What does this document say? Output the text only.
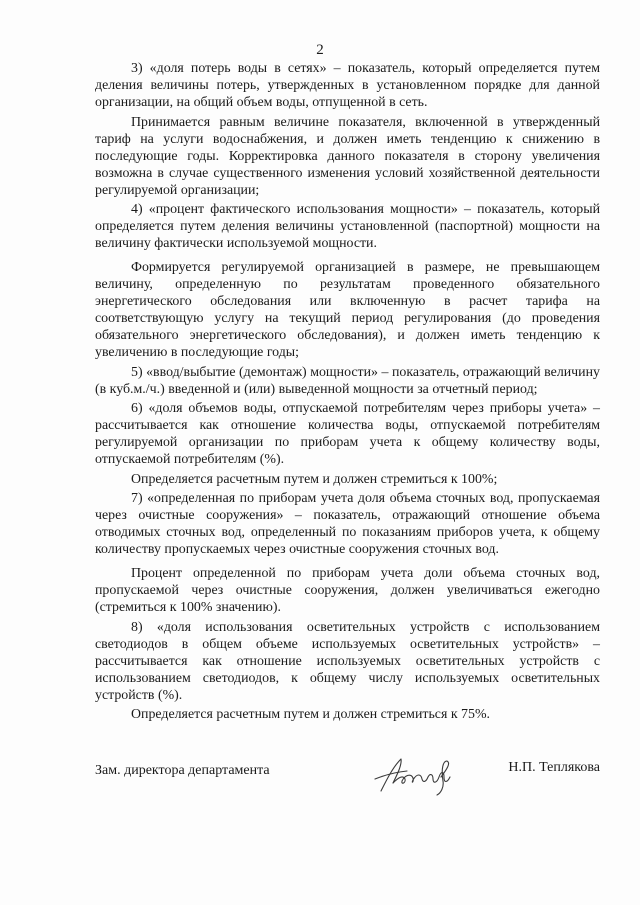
2

3) «доля потерь воды в сетях» – показатель, который определяется путем деления величины потерь, утвержденных в установленном порядке для данной организации, на общий объем воды, отпущенной в сеть.

Принимается равным величине показателя, включенной в утвержденный тариф на услуги водоснабжения, и должен иметь тенденцию к снижению в последующие годы. Корректировка данного показателя в сторону увеличения возможна в случае существенного изменения условий хозяйственной деятельности регулируемой организации;

4) «процент фактического использования мощности» – показатель, который определяется путем деления величины установленной (паспортной) мощности на величину фактически используемой мощности.

Формируется регулируемой организацией в размере, не превышающем величину, определенную по результатам проведенного обязательного энергетического обследования или включенную в расчет тарифа на соответствующую услугу на текущий период регулирования (до проведения обязательного энергетического обследования), и должен иметь тенденцию к увеличению в последующие годы;

5) «ввод/выбытие (демонтаж) мощности» – показатель, отражающий величину (в куб.м./ч.) введенной и (или) выведенной мощности за отчетный период;

6) «доля объемов воды, отпускаемой потребителям через приборы учета» – рассчитывается как отношение количества воды, отпускаемой потребителям регулируемой организации по приборам учета к общему количеству воды, отпускаемой потребителям (%).

Определяется расчетным путем и должен стремиться к 100%;

7) «определенная по приборам учета доля объема сточных вод, пропускаемая через очистные сооружения» – показатель, отражающий отношение объема отводимых сточных вод, определенный по показаниям приборов учета, к общему количеству пропускаемых через очистные сооружения сточных вод.

Процент определенной по приборам учета доли объема сточных вод, пропускаемой через очистные сооружения, должен увеличиваться ежегодно (стремиться к 100% значению).

8) «доля использования осветительных устройств с использованием светодиодов в общем объеме используемых осветительных устройств» – рассчитывается как отношение используемых осветительных устройств с использованием светодиодов, к общему числу используемых осветительных устройств (%).

Определяется расчетным путем и должен стремиться к 75%.

Зам. директора департамента	Н.П. Теплякова
